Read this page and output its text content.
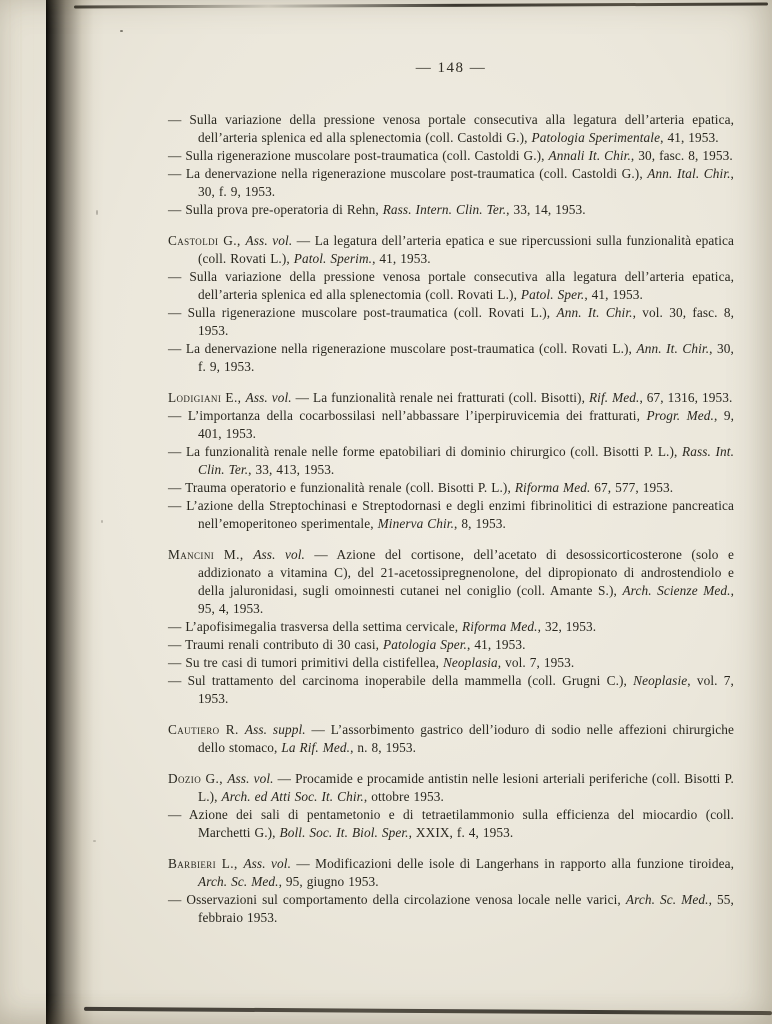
— 148 —

— Sulla variazione della pressione venosa portale consecutiva alla legatura dell’arteria epatica, dell’arteria splenica ed alla splenectomia (coll. Castoldi G.), Patologia Sperimentale, 41, 1953.

— Sulla rigenerazione muscolare post-traumatica (coll. Castoldi G.), Annali It. Chir., 30, fasc. 8, 1953.

— La denervazione nella rigenerazione muscolare post-traumatica (coll. Castoldi G.), Ann. Ital. Chir., 30, f. 9, 1953.

— Sulla prova pre-operatoria di Rehn, Rass. Intern. Clin. Ter., 33, 14, 1953.

Castoldi G., Ass. vol. — La legatura dell’arteria epatica e sue ripercussioni sulla funzionalità epatica (coll. Rovati L.), Patol. Sperim., 41, 1953.

— Sulla variazione della pressione venosa portale consecutiva alla legatura dell’arteria epatica, dell’arteria splenica ed alla splenectomia (coll. Rovati L.), Patol. Sper., 41, 1953.

— Sulla rigenerazione muscolare post-traumatica (coll. Rovati L.), Ann. It. Chir., vol. 30, fasc. 8, 1953.

— La denervazione nella rigenerazione muscolare post-traumatica (coll. Rovati L.), Ann. It. Chir., 30, f. 9, 1953.

Lodigiani E., Ass. vol. — La funzionalità renale nei fratturati (coll. Bisotti), Rif. Med., 67, 1316, 1953.

— L’importanza della cocarbossilasi nell’abbassare l’iperpiruvicemia dei fratturati, Progr. Med., 9, 401, 1953.

— La funzionalità renale nelle forme epatobiliari di dominio chirurgico (coll. Bisotti P. L.), Rass. Int. Clin. Ter., 33, 413, 1953.

— Trauma operatorio e funzionalità renale (coll. Bisotti P. L.), Riforma Med. 67, 577, 1953.

— L’azione della Streptochinasi e Streptodornasi e degli enzimi fibrinolitici di estrazione pancreatica nell’emoperitoneo sperimentale, Minerva Chir., 8, 1953.

Mancini M., Ass. vol. — Azione del cortisone, dell’acetato di desossicorticosterone (solo e addizionato a vitamina C), del 21-acetossipregnenolone, del dipropionato di androstendiolo e della jaluronidasi, sugli omoinnesti cutanei nel coniglio (coll. Amante S.), Arch. Scienze Med., 95, 4, 1953.

— L’apofisimegalia trasversa della settima cervicale, Riforma Med., 32, 1953.

— Traumi renali contributo di 30 casi, Patologia Sper., 41, 1953.

— Su tre casi di tumori primitivi della cistifellea, Neoplasia, vol. 7, 1953.

— Sul trattamento del carcinoma inoperabile della mammella (coll. Grugni C.), Neoplasie, vol. 7, 1953.

Cautiero R. Ass. suppl. — L’assorbimento gastrico dell’ioduro di sodio nelle affezioni chirurgiche dello stomaco, La Rif. Med., n. 8, 1953.

Dozio G., Ass. vol. — Procamide e procamide antistin nelle lesioni arteriali periferiche (coll. Bisotti P. L.), Arch. ed Atti Soc. It. Chir., ottobre 1953.

— Azione dei sali di pentametonio e di tetraetilammonio sulla efficienza del miocardio (coll. Marchetti G.), Boll. Soc. It. Biol. Sper., XXIX, f. 4, 1953.

Barbieri L., Ass. vol. — Modificazioni delle isole di Langerhans in rapporto alla funzione tiroidea, Arch. Sc. Med., 95, giugno 1953.

— Osservazioni sul comportamento della circolazione venosa locale nelle varici, Arch. Sc. Med., 55, febbraio 1953.
